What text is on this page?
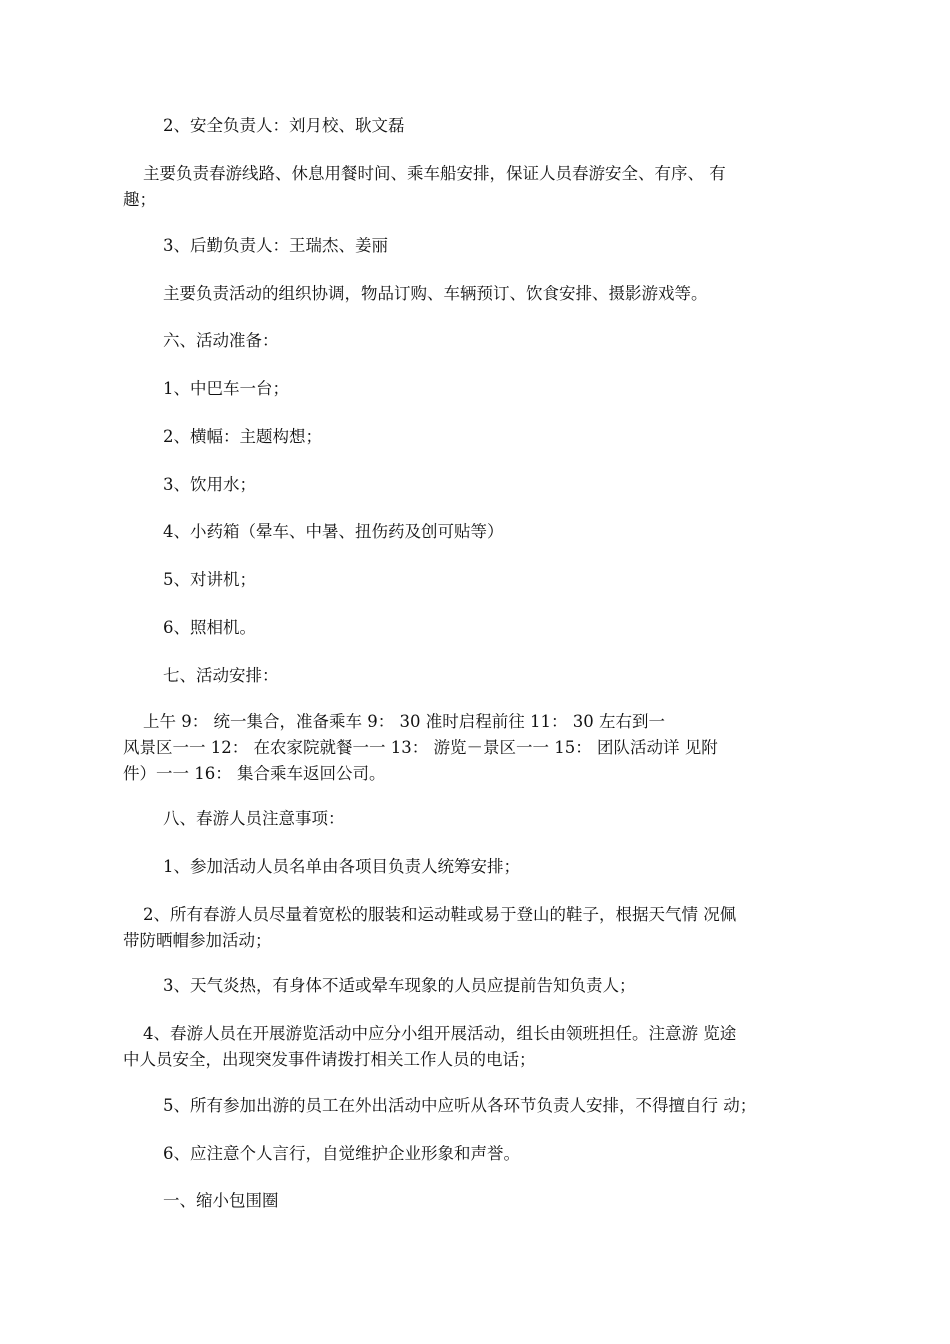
2、安全负责人：刘月校、耿文磊

主要负责春游线路、休息用餐时间、乘车船安排，保证人员春游安全、有序、 有
趣；

3、后勤负责人：王瑞杰、姜丽

主要负责活动的组织协调，物品订购、车辆预订、饮食安排、摄影游戏等。

六、活动准备：

1、中巴车一台；

2、横幅：主题构想；

3、饮用水；

4、小药箱（晕车、中暑、扭伤药及创可贴等）

5、对讲机；

6、照相机。

七、活动安排：

上午 9： 统一集合，准备乘车 9： 30 准时启程前往 11： 30 左右到一
风景区一一 12： 在农家院就餐一一 13： 游览－景区一一 15： 团队活动详 见附
件）一一 16： 集合乘车返回公司。

八、春游人员注意事项：

1、参加活动人员名单由各项目负责人统筹安排；

2、所有春游人员尽量着宽松的服装和运动鞋或易于登山的鞋子，根据天气情 况佩
带防晒帽参加活动；

3、天气炎热，有身体不适或晕车现象的人员应提前告知负责人；

4、春游人员在开展游览活动中应分小组开展活动，组长由领班担任。注意游 览途
中人员安全，出现突发事件请拨打相关工作人员的电话；

5、所有参加出游的员工在外出活动中应听从各环节负责人安排，不得擅自行 动；

6、应注意个人言行，自觉维护企业形象和声誉。

一、缩小包围圈
